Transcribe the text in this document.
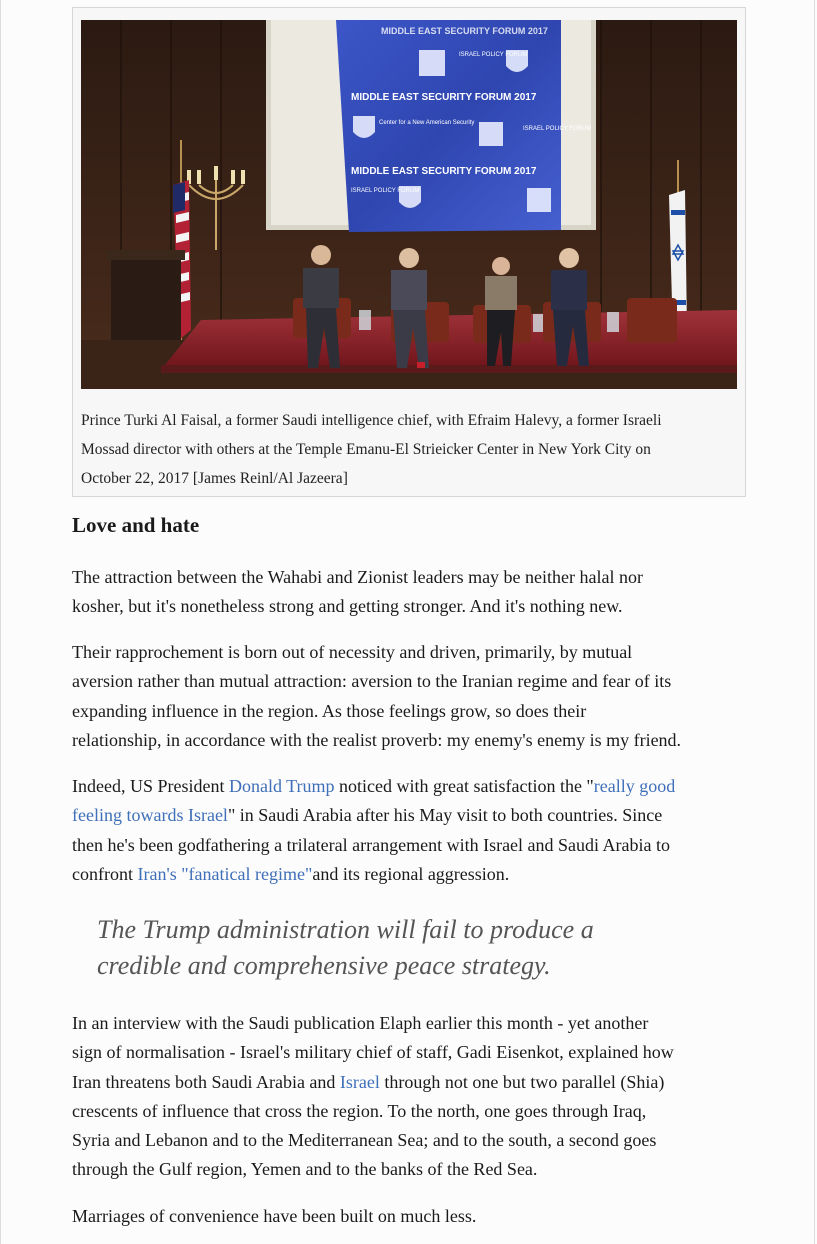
MIDDLE EAST SECURITY FORUM 2017
MIDDLE EAST SECURITY FORUM 2017
MIDDLE EAST SECURITY FORUM 2017
ISRAEL POLICY FORUM
Center for a New American Security
ISRAEL POLICY FORUM
ISRAEL POLICY FORUM
Prince Turki Al Faisal, a former Saudi intelligence chief, with Efraim Halevy, a former Israeli
Mossad director with others at the Temple Emanu-El Strieicker Center in New York City on
October 22, 2017 [James Reinl/Al Jazeera]
Love and hate
The attraction between the Wahabi and Zionist leaders may be neither halal nor
kosher, but it's nonetheless strong and getting stronger. And it's nothing new.
Their rapprochement is born out of necessity and driven, primarily, by mutual
aversion rather than mutual attraction: aversion to the Iranian regime and fear of its
expanding influence in the region. As those feelings grow, so does their
relationship, in accordance with the realist proverb: my enemy's enemy is my friend.
Indeed, US President Donald Trump noticed with great satisfaction the "really good
feeling towards Israel" in Saudi Arabia after his May visit to both countries. Since
then he's been godfathering a trilateral arrangement with Israel and Saudi Arabia to
confront Iran's "fanatical regime"and its regional aggression.
The Trump administration will fail to produce a
credible and comprehensive peace strategy.
In an interview with the Saudi publication Elaph earlier this month - yet another
sign of normalisation - Israel's military chief of staff, Gadi Eisenkot, explained how
Iran threatens both Saudi Arabia and Israel through not one but two parallel (Shia)
crescents of influence that cross the region. To the north, one goes through Iraq,
Syria and Lebanon and to the Mediterranean Sea; and to the south, a second goes
through the Gulf region, Yemen and to the banks of the Red Sea.
Marriages of convenience have been built on much less.
